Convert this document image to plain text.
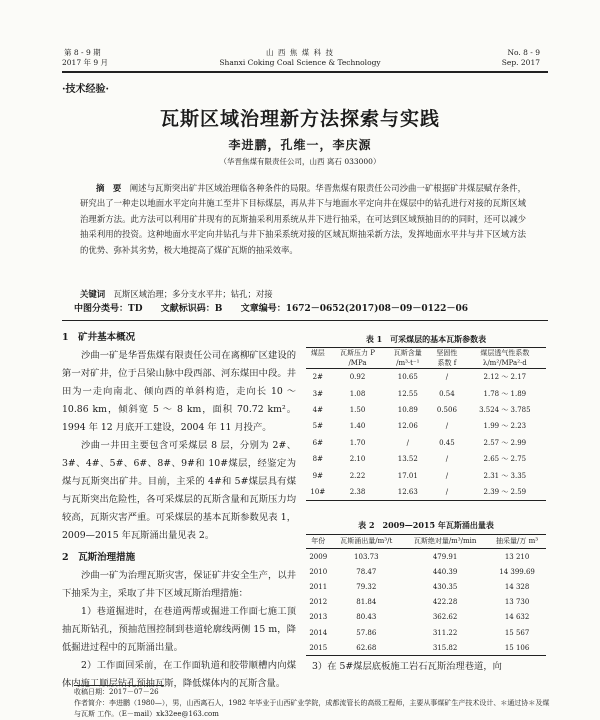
第 8 - 9 期
2017 年 9 月
山 西 焦 煤 科 技
Shanxi Coking Coal Science & Technology
No. 8 - 9
Sep. 2017
·技术经验·
瓦斯区域治理新方法探索与实践
李进鹏，孔维一，李庆源
（华晋焦煤有限责任公司，山西 离石 033000）
摘　要　阐述与瓦斯突出矿井区域治理临各种条件的局限。华晋焦煤有限责任公司沙曲一矿根据矿井煤层赋存条件，研究出了一种走以地面水平定向井施工至井下目标煤层，再从井下与地面水平定向井在煤层中的钻孔进行对接的瓦斯区域治理新方法。此方法可以利用矿井现有的瓦斯抽采利用系统从井下进行抽采，在可达到区域预抽目的的同时，还可以减少抽采利用的投资。这种地面水平定向井钻孔与井下抽采系统对接的区域瓦斯抽采新方法，发挥地面水平井与井下区域方法的优势、弥补其劣势，极大地提高了煤矿瓦斯的抽采效率。
关键词　瓦斯区域治理；多分支水平井；钻孔；对接
中图分类号：TD 文献标识码：B 文章编号：1672－0652(2017)08－09－0122－06
1　矿井基本概况

沙曲一矿是华晋焦煤有限责任公司在离柳矿区建设的第一对矿井，位于吕梁山脉中段西部、河东煤田中段。井田为一走向南北、倾向西的单斜构造，走向长 10 ～ 10.86 km，倾斜宽 5 ～ 8 km，面积 70.72 km²。1994 年 12 月底开工建设，2004 年 11 月投产。

沙曲一井田主要包含可采煤层 8 层，分别为 2#、3#、4#、5#、6#、8#、9#和 10#煤层，经鉴定为煤与瓦斯突出矿井。目前，主采的 4#和 5#煤层具有煤与瓦斯突出危险性，各可采煤层的瓦斯含量和瓦斯压力均较高，瓦斯灾害严重。可采煤层的基本瓦斯参数见表 1，2009—2015 年瓦斯涌出量见表 2。

2　瓦斯治理措施

沙曲一矿为治理瓦斯灾害，保证矿井安全生产，以井下抽采为主，采取了井下区域瓦斯治理措施：

1）巷道掘进时，在巷道两帮或掘进工作面七施工顶抽瓦斯钻孔，预抽范围控制到巷道轮廓线两侧 15 m，降低掘进过程中的瓦斯涌出量。

2）工作面回采前，在工作面轨道和胶带顺槽内向煤体内施工顺层钻孔预抽瓦斯，降低煤体内的瓦斯含量。

表 1　可采煤层的基本瓦斯参数表
煤层	瓦斯压力 P	瓦斯含量	坚固性	煤层透气性系数
	/MPa	/m³·t⁻¹	系数 f	λ/m²/MPa²·d
2#	0.92	10.65	/	2.12 ～ 2.17
3#	1.08	12.55	0.54	1.78 ～ 1.89
4#	1.50	10.89	0.506	3.524 ～ 3.785
5#	1.40	12.06	/	1.99 ～ 2.23
6#	1.70	/	0.45	2.57 ～ 2.99
8#	2.10	13.52	/	2.65 ～ 2.75
9#	2.22	17.01	/	2.31 ～ 3.35
10#	2.38	12.63	/	2.39 ～ 2.59
表 2　2009—2015 年瓦斯涌出量表
年份	瓦斯涌出量/m³/t	瓦斯绝对量/m³/min	抽采量/万 m³
2009	103.73	479.91	13 210
2010	78.47	440.39	14 399.69
2011	79.32	430.35	14 328
2012	81.84	422.28	13 730
2013	80.43	362.62	14 632
2014	57.86	311.22	15 567
2015	62.68	315.82	15 106

3）在 5#煤层底板施工岩石瓦斯治理巷道，向

收稿日期：2017－07－26
作者简介：李进鹏（1980—），男，山西离石人，1982 年毕业于山西矿业学院，成都流管长的高级工程师，主要从事煤矿生产技术设计、＊通过协＊及煤与瓦斯 工作。（E－mail）xk32ee@163.com
